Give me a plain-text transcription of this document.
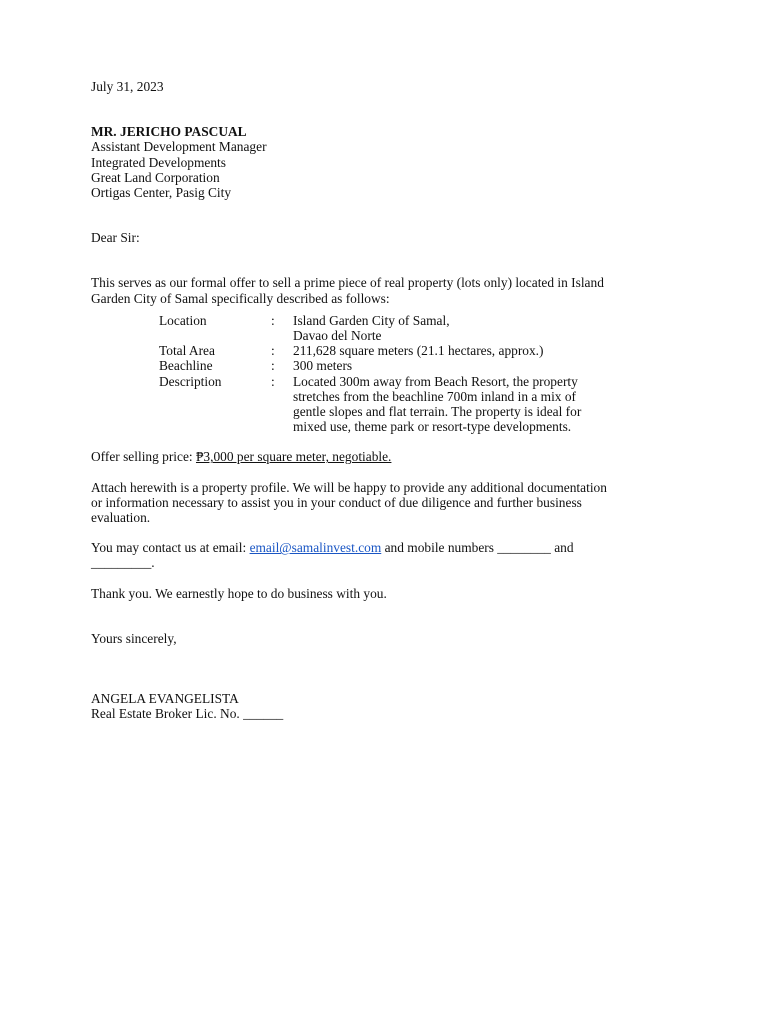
July 31, 2023
MR. JERICHO PASCUAL
Assistant Development Manager
Integrated Developments
Great Land Corporation
Ortigas Center, Pasig City
Dear Sir:
This serves as our formal offer to sell a prime piece of real property (lots only) located in Island
Garden City of Samal specifically described as follows:
Location	:	Island Garden City of Samal,
Davao del Norte

Total Area	:	211,628 square meters (21.1 hectares, approx.)

Beachline	:	300 meters

Description	:	Located 300m away from Beach Resort, the property
stretches from the beachline 700m inland in a mix of
gentle slopes and flat terrain. The property is ideal for
mixed use, theme park or resort-type developments.
Offer selling price: ₱3,000 per square meter, negotiable.
Attach herewith is a property profile. We will be happy to provide any additional documentation
or information necessary to assist you in your conduct of due diligence and further business
evaluation.
You may contact us at email: email@samalinvest.com and mobile numbers ________ and
_________.
Thank you. We earnestly hope to do business with you.
Yours sincerely,
ANGELA EVANGELISTA
Real Estate Broker Lic. No. ______
